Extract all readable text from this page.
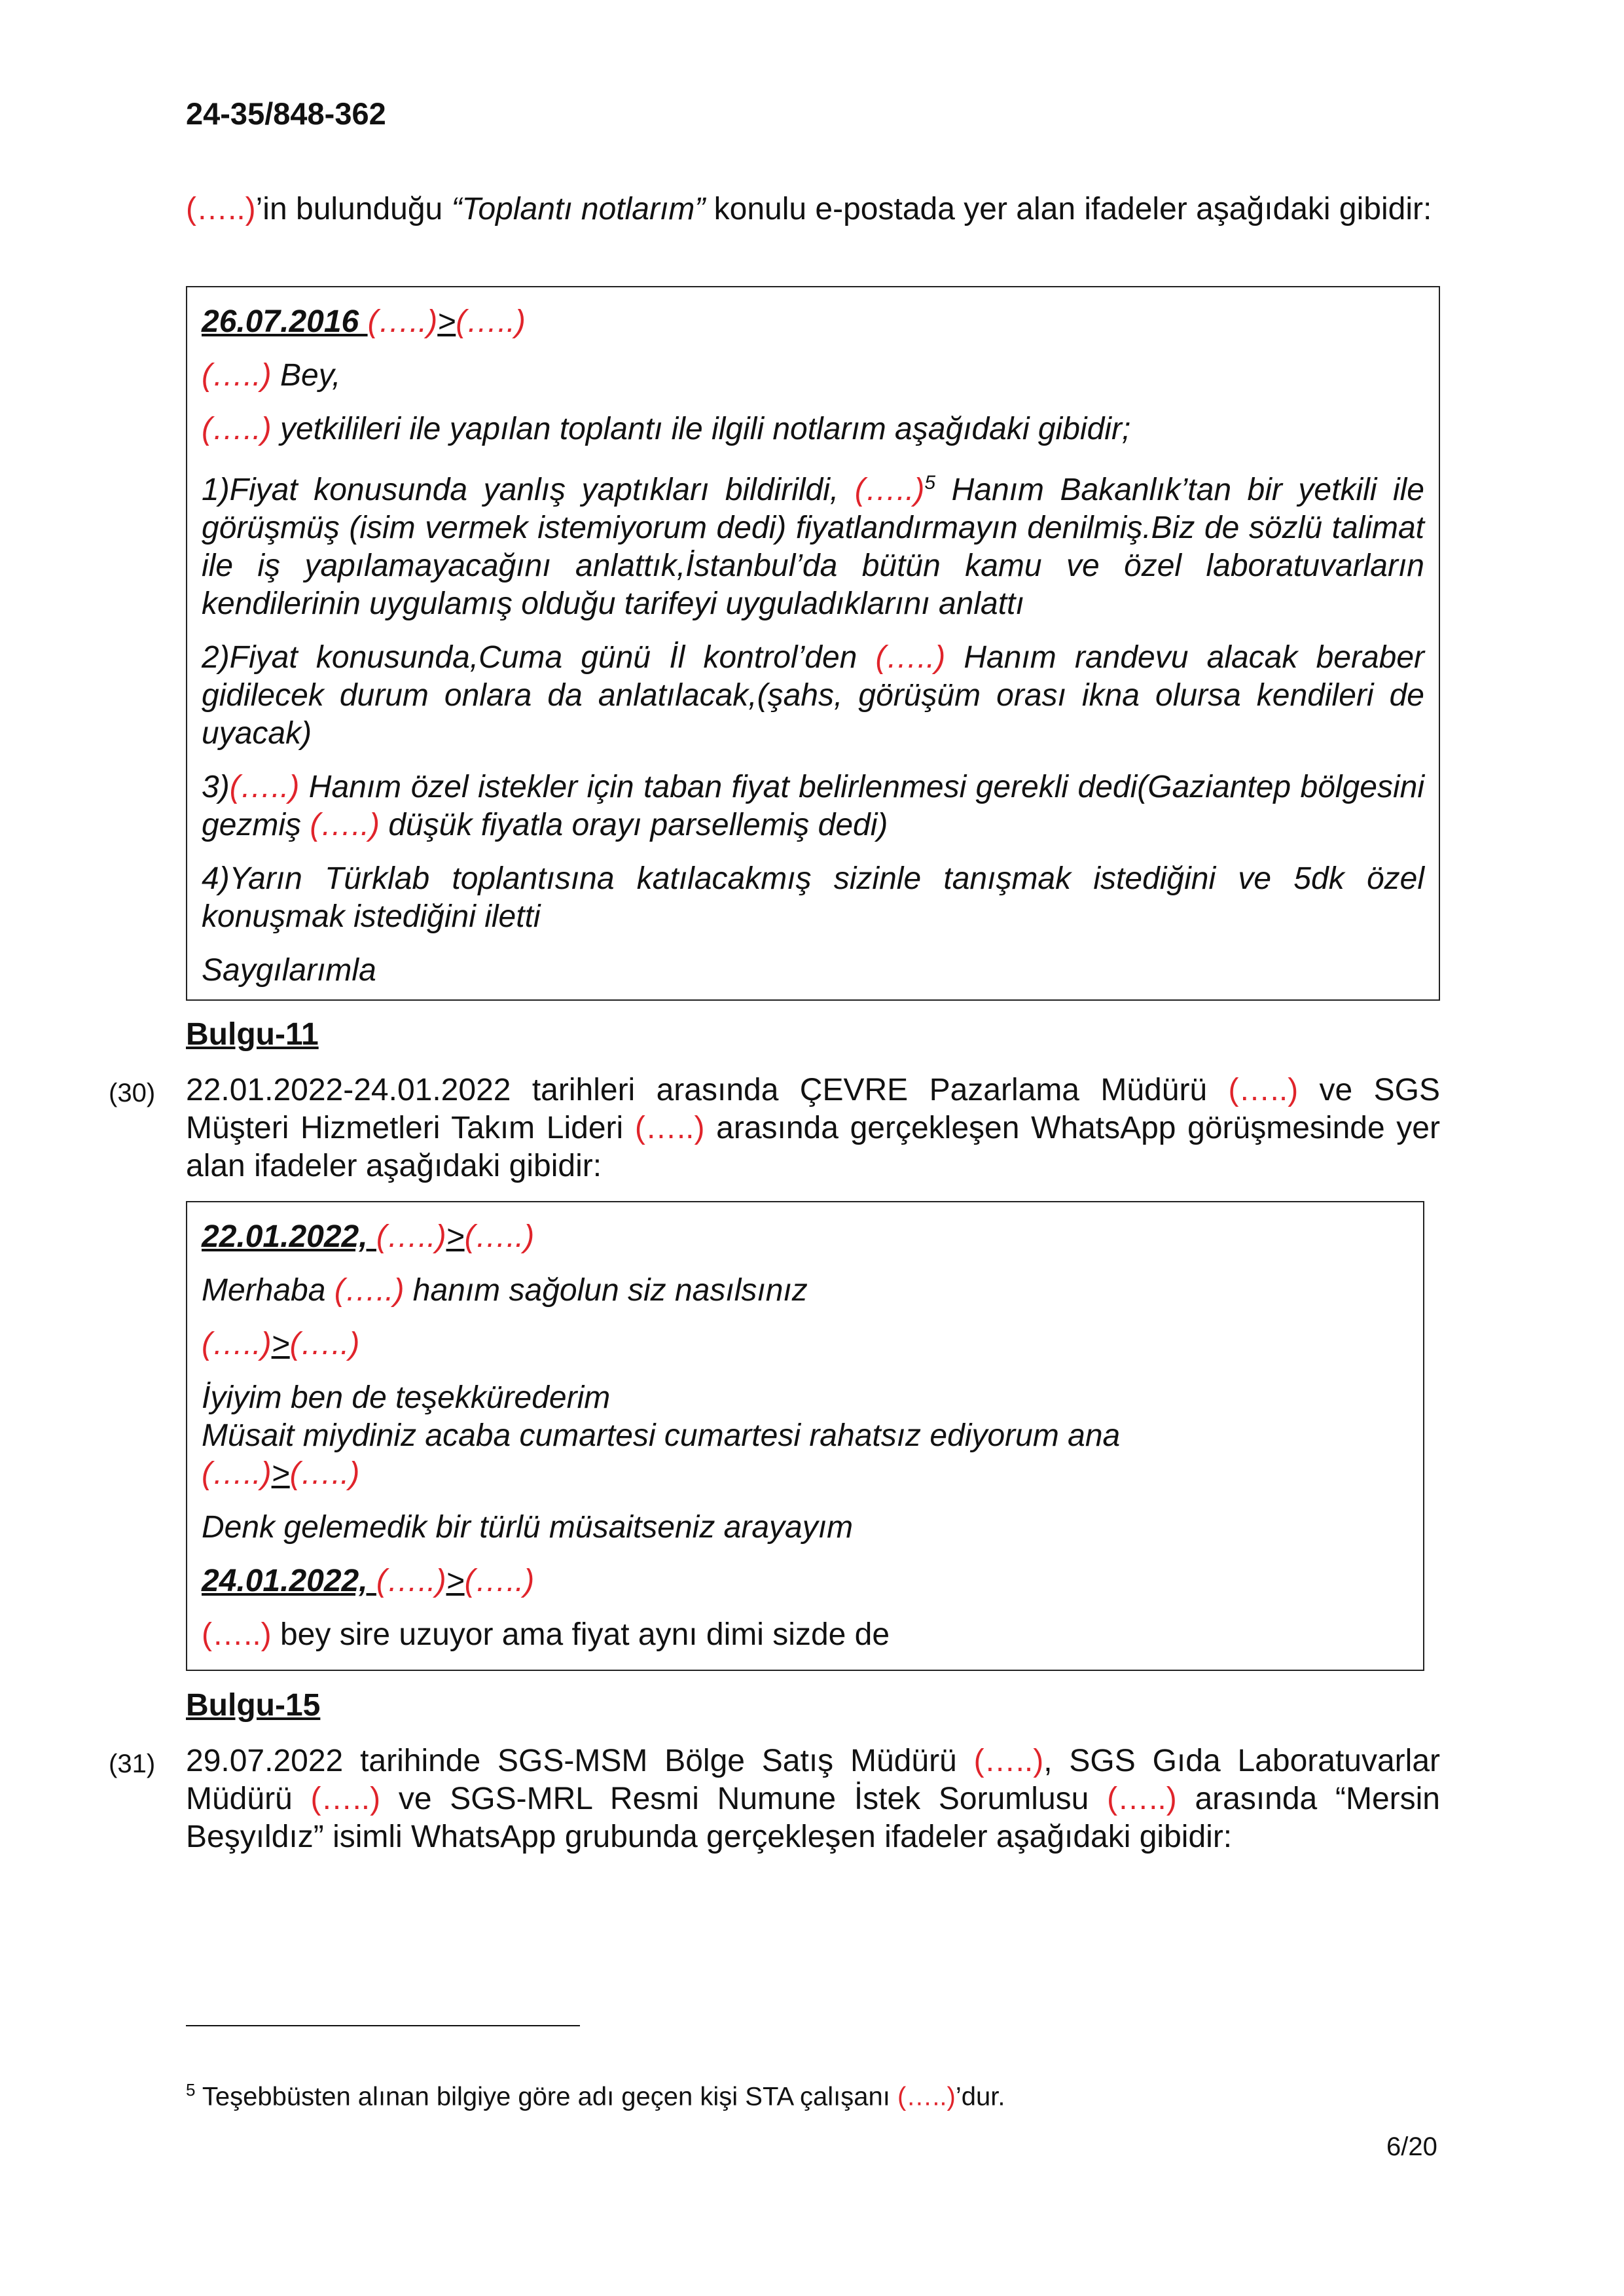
24-35/848-362
(…..)’in bulunduğu “Toplantı notlarım” konulu e-postada yer alan ifadeler aşağıdaki gibidir:

26.07.2016 (…..)>(…..)

(…..) Bey,

(…..) yetkilileri ile yapılan toplantı ile ilgili notlarım aşağıdaki gibidir;

1)Fiyat konusunda yanlış yaptıkları bildirildi, (…..)$^5$ Hanım Bakanlık’tan bir yetkili ile görüşmüş (isim vermek istemiyorum dedi) fiyatlandırmayın denilmiş.Biz de sözlü talimat ile iş yapılamayacağını anlattık,İstanbul’da bütün kamu ve özel laboratuvarların kendilerinin uygulamış olduğu tarifeyi uyguladıklarını anlattı

2)Fiyat konusunda,Cuma günü İl kontrol’den (…..) Hanım randevu alacak beraber gidilecek durum onlara da anlatılacak,(şahs, görüşüm orası ikna olursa kendileri de uyacak)

3)(…..) Hanım özel istekler için taban fiyat belirlenmesi gerekli dedi(Gaziantep bölgesini gezmiş (…..) düşük fiyatla orayı parsellemiş dedi)

4)Yarın Türklab toplantısına katılacakmış sizinle tanışmak istediğini ve 5dk özel konuşmak istediğini iletti

Saygılarımla

Bulgu-11
(30) 22.01.2022-24.01.2022 tarihleri arasında ÇEVRE Pazarlama Müdürü (…..) ve SGS Müşteri Hizmetleri Takım Lideri (…..) arasında gerçekleşen WhatsApp görüşmesinde yer alan ifadeler aşağıdaki gibidir:

22.01.2022, (…..)>(…..)

Merhaba (…..) hanım sağolun siz nasılsınız

(…..)>(…..)

İyiyim ben de teşekkürederim
Müsait miydiniz acaba cumartesi cumartesi rahatsız ediyorum ana
(…..)>(…..)

Denk gelemedik bir türlü müsaitseniz arayayım

24.01.2022, (…..)>(…..)

(…..) bey sire uzuyor ama fiyat aynı dimi sizde de

Bulgu-15
(31) 29.07.2022 tarihinde SGS-MSM Bölge Satış Müdürü (…..), SGS Gıda Laboratuvarlar Müdürü (…..) ve SGS-MRL Resmi Numune İstek Sorumlusu (…..) arasında “Mersin Beşyıldız” isimli WhatsApp grubunda gerçekleşen ifadeler aşağıdaki gibidir:
$^5$ Teşebbüsten alınan bilgiye göre adı geçen kişi STA çalışanı (…..)’dur.
6/20
